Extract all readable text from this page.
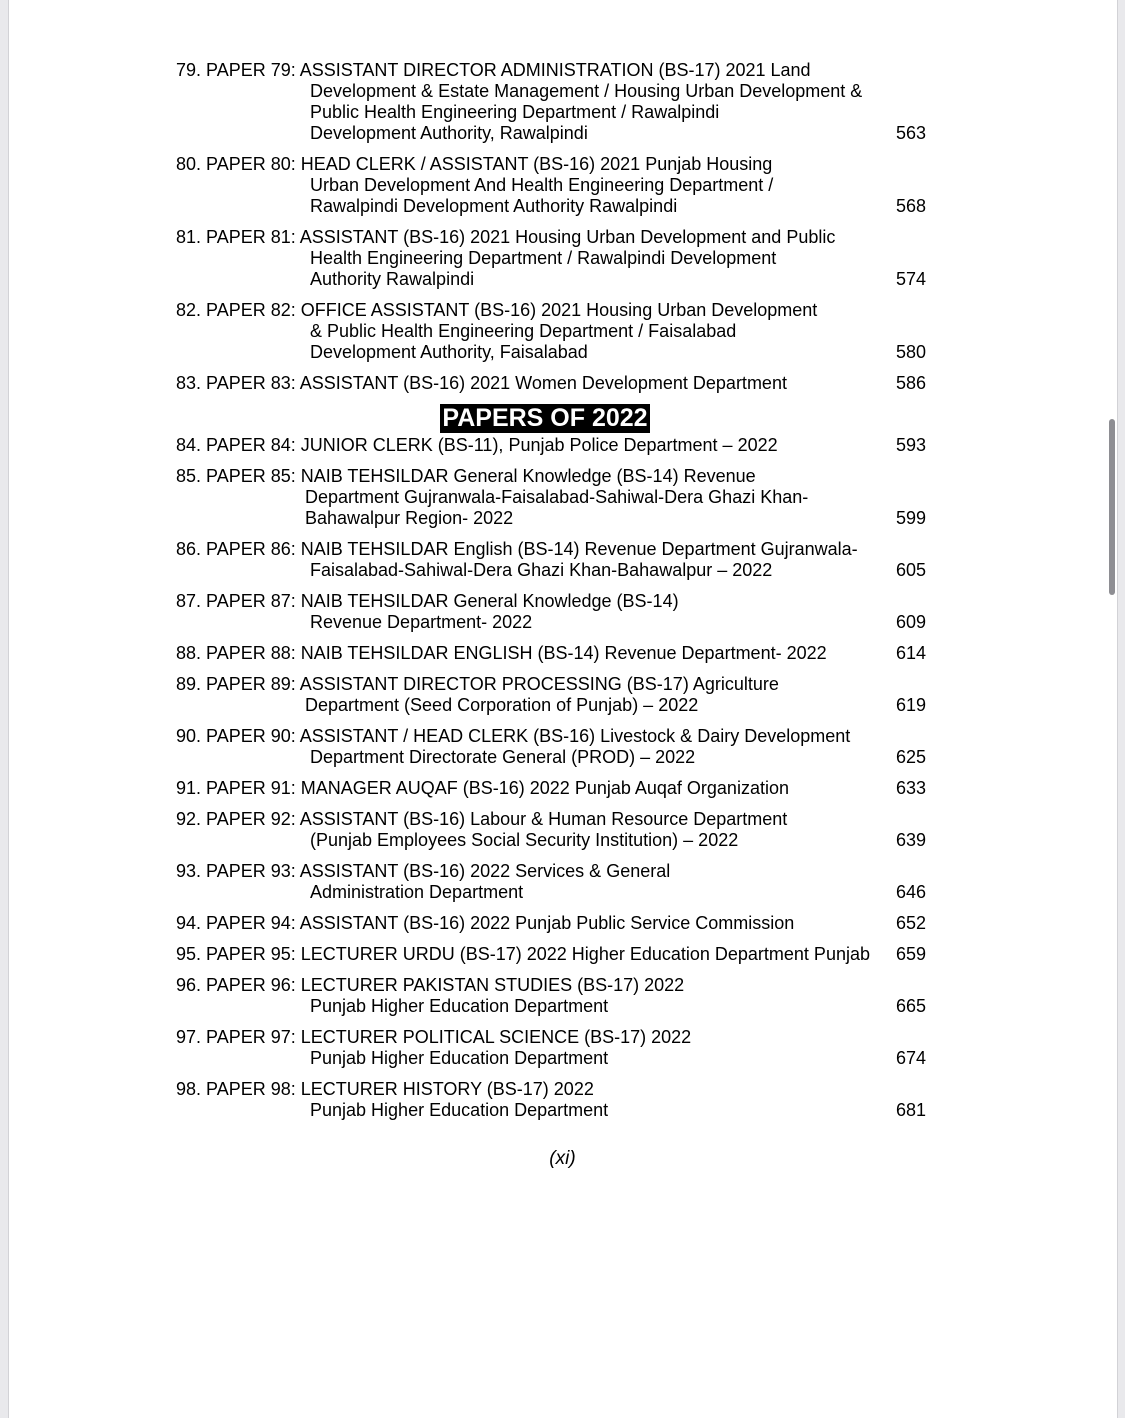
79. PAPER 79: ASSISTANT DIRECTOR ADMINISTRATION (BS-17) 2021 Land
Development & Estate Management / Housing Urban Development &
Public Health Engineering Department / Rawalpindi
Development Authority, Rawalpindi	563
80. PAPER 80: HEAD CLERK / ASSISTANT (BS-16) 2021 Punjab Housing
Urban Development And Health Engineering Department /
Rawalpindi Development Authority Rawalpindi	568
81. PAPER 81: ASSISTANT (BS-16) 2021 Housing Urban Development and Public
Health Engineering Department / Rawalpindi Development
Authority Rawalpindi	574
82. PAPER 82: OFFICE ASSISTANT (BS-16) 2021 Housing Urban Development
& Public Health Engineering Department / Faisalabad
Development Authority, Faisalabad	580
83. PAPER 83: ASSISTANT (BS-16) 2021 Women Development Department	586
PAPERS OF 2022
84. PAPER 84: JUNIOR CLERK (BS-11), Punjab Police Department – 2022	593
85. PAPER 85: NAIB TEHSILDAR General Knowledge (BS-14) Revenue
Department Gujranwala-Faisalabad-Sahiwal-Dera Ghazi Khan-
Bahawalpur Region- 2022	599
86. PAPER 86: NAIB TEHSILDAR English (BS-14) Revenue Department Gujranwala-
Faisalabad-Sahiwal-Dera Ghazi Khan-Bahawalpur – 2022	605
87. PAPER 87: NAIB TEHSILDAR General Knowledge (BS-14)
Revenue Department- 2022	609
88. PAPER 88: NAIB TEHSILDAR ENGLISH (BS-14) Revenue Department- 2022	614
89. PAPER 89: ASSISTANT DIRECTOR PROCESSING (BS-17) Agriculture
Department (Seed Corporation of Punjab) – 2022	619
90. PAPER 90: ASSISTANT / HEAD CLERK (BS-16) Livestock & Dairy Development
Department Directorate General (PROD) – 2022	625
91. PAPER 91: MANAGER AUQAF (BS-16) 2022 Punjab Auqaf Organization	633
92. PAPER 92: ASSISTANT (BS-16) Labour & Human Resource Department
(Punjab Employees Social Security Institution) – 2022	639
93. PAPER 93: ASSISTANT (BS-16) 2022 Services & General
Administration Department	646
94. PAPER 94: ASSISTANT (BS-16) 2022 Punjab Public Service Commission	652
95. PAPER 95: LECTURER URDU (BS-17) 2022 Higher Education Department Punjab	659
96. PAPER 96: LECTURER PAKISTAN STUDIES (BS-17) 2022
Punjab Higher Education Department	665
97. PAPER 97: LECTURER POLITICAL SCIENCE (BS-17) 2022
Punjab Higher Education Department	674
98. PAPER 98: LECTURER HISTORY (BS-17) 2022
Punjab Higher Education Department	681
(xi)
